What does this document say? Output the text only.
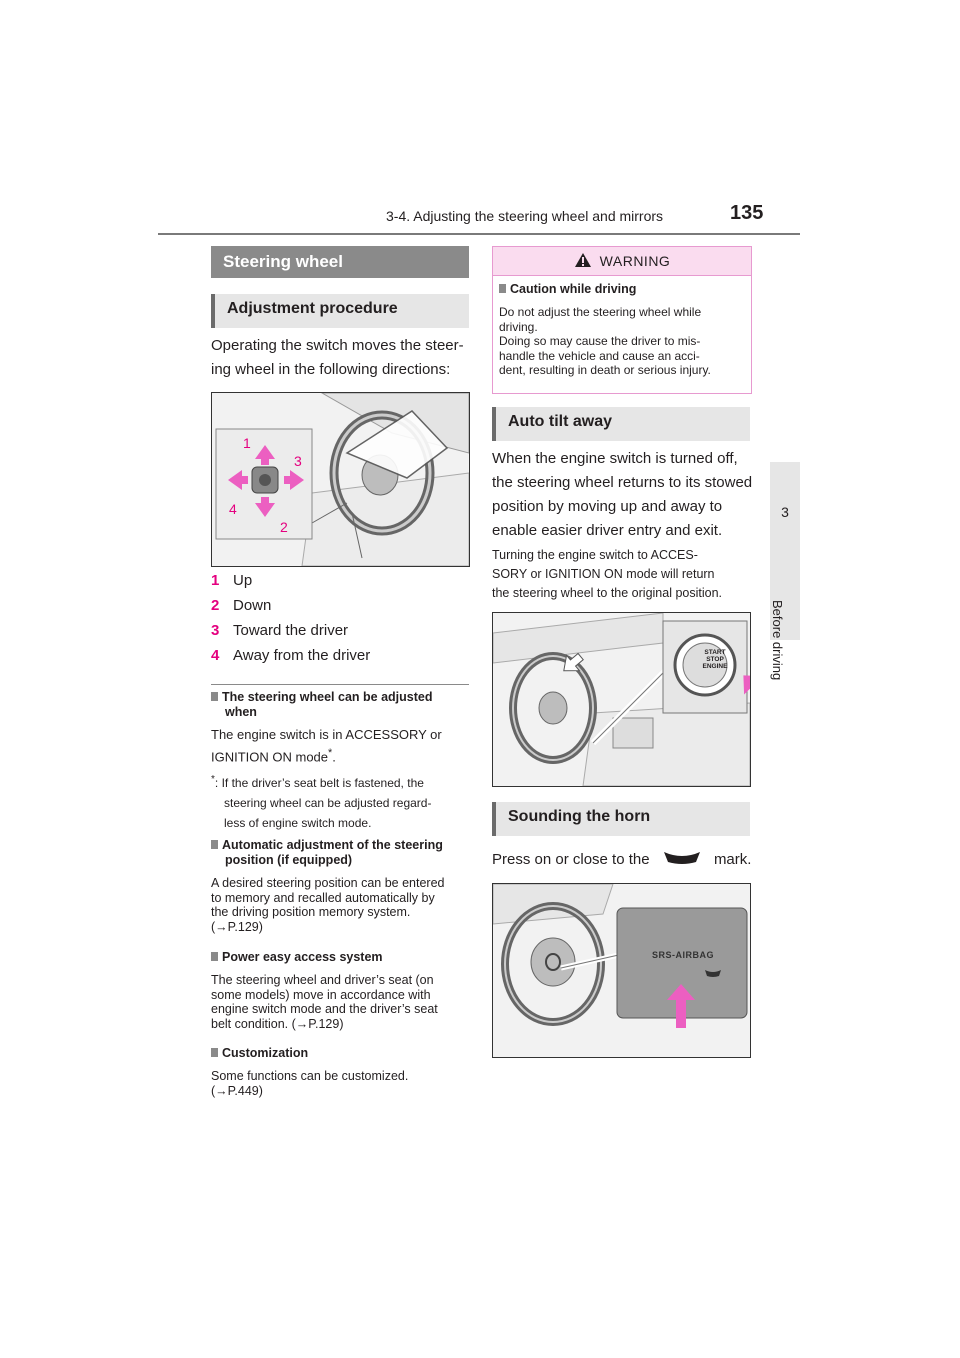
3-4. Adjusting the steering wheel and mirrors	135
3
Before driving
Steering wheel
Adjustment procedure
Operating the switch moves the steer-
ing wheel in the following directions:
1
3
4
2
1 Up
2 Down
3 Toward the driver
4 Away from the driver
The steering wheel can be adjusted
when
The engine switch is in ACCESSORY or
IGNITION ON mode*.
*: If the driver’s seat belt is fastened, the
steering wheel can be adjusted regard-
less of engine switch mode.
Automatic adjustment of the steering
position (if equipped)
A desired steering position can be entered
to memory and recalled automatically by
the driving position memory system.
(→P.129)
Power easy access system
The steering wheel and driver’s seat (on
some models) move in accordance with
engine switch mode and the driver’s seat
belt condition. (→P.129)
Customization
Some functions can be customized.
(→P.449)
WARNING
Caution while driving
Do not adjust the steering wheel while
driving.
Doing so may cause the driver to mis-
handle the vehicle and cause an acci-
dent, resulting in death or serious injury.
Auto tilt away
When the engine switch is turned off,
the steering wheel returns to its stowed
position by moving up and away to
enable easier driver entry and exit.
Turning the engine switch to ACCES-
SORY or IGNITION ON mode will return
the steering wheel to the original position.
START
STOP
ENGINE
Sounding the horn
Press on or close to the	mark.
SRS-AIRBAG
